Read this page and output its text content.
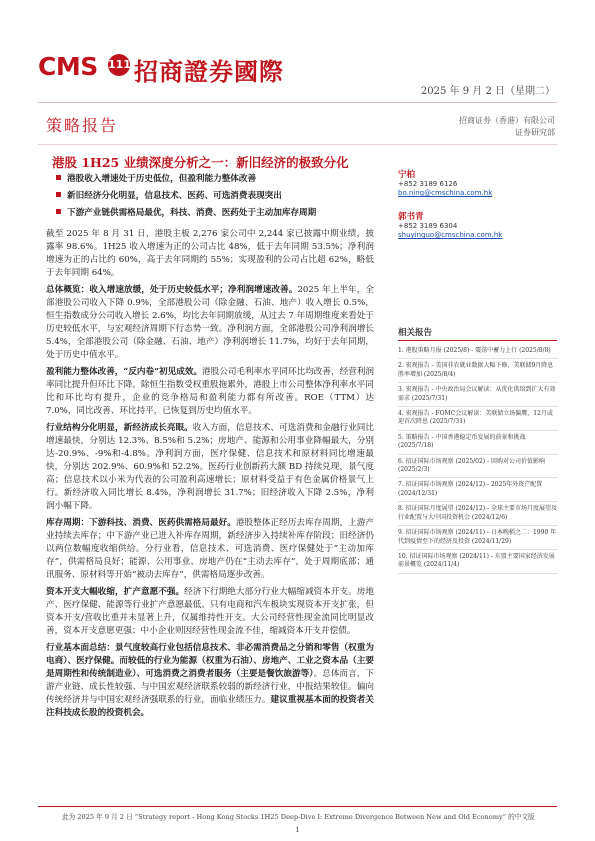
CMS 111 招商證券國際
2025 年 9 月 2 日（星期二）
策略报告	招商证券（香港）有限公司
证券研究部
港股 1H25 业绩深度分析之一：新旧经济的极致分化
港股收入增速处于历史低位，但盈利能力整体改善
新旧经济分化明显，信息技术、医药、可选消费表现突出
下游产业链供需格局最优，科技、消费、医药处于主动加库存周期
宁柏
+852 3189 6126
bo.ning@cmschina.com.hk
郭书青
+852 3189 6304
shuyinguo@cmschina.com.hk

截至 2025 年 8 月 31 日，港股主板 2,276 家公司中 2,244 家已披露中期业绩，披露率 98.6%。1H25 收入增速为正的公司占比 48%，低于去年同期 53.5%；净利润增速为正的占比约 60%，高于去年同期约 55%；实现盈利的公司占比超 62%，略低于去年同期 64%。

总体概览：收入增速放缓，处于历史较低水平；净利润增速改善。2025 年上半年，全部港股公司收入下降 0.9%，全部港股公司（除金融、石油、地产）收入增长 0.5%，恒生指数成分公司收入增长 2.6%，均比去年同期放缓，从过去 7 年周期维度来看处于历史较低水平，与宏观经济周期下行态势一致。净利润方面，全部港股公司净利润增长 5.4%，全部港股公司（除金融、石油、地产）净利润增长 11.7%，均好于去年同期，处于历史中值水平。

盈利能力整体改善，“反内卷”初见成效。港股公司毛利率水平同环比均改善，经营利润率同比提升但环比下降。除恒生指数受权重股拖累外，港股上市公司整体净利率水平同比和环比均有提升，企业的竞争格局和盈利能力都有所改善。ROE（TTM）达 7.0%，同比改善、环比持平，已恢复到历史均值水平。

行业结构分化明显，新经济成长亮眼。收入方面，信息技术、可选消费和金融行业同比增速最快，分别达 12.3%、8.5%和 5.2%；房地产、能源和公用事业降幅最大，分别达-20.9%、-9%和-4.8%。净利润方面，医疗保健、信息技术和原材料同比增速最快，分别达 202.9%、60.9%和 52.2%。医药行业创新药大额 BD 持续兑现，景气度高；信息技术以小米为代表的公司盈利高速增长；原材料受益于有色金属价格景气上行。新经济收入同比增长 8.4%，净利润增长 31.7%；旧经济收入下降 2.5%，净利润小幅下降。

库存周期：下游科技、消费、医药供需格局最好。港股整体正经历去库存周期，上游产业持续去库存；中下游产业已进入补库存周期，新经济步入持续补库存阶段；旧经济仍以两位数幅度收缩供给。分行业看，信息技术、可选消费、医疗保健处于“主动加库存”，供需格局良好；能源、公用事业、房地产仍在“主动去库存”，处于周期底部；通讯服务、原材料等开始“被动去库存”，供需格局逐步改善。

资本开支大幅收缩，扩产意愿不强。经济下行期绝大部分行业大幅缩减资本开支。房地产、医疗保健、能源等行业扩产意愿最低。只有电商和汽车板块实现资本开支扩张，但资本开支/营收比重并未显著上升，仅属维持性开支。大公司经营性现金流同比明显改善，资本开支意愿更强；中小企业则因经营性现金流不佳，缩减资本开支并偿债。

行业基本面总结：景气度较高行业包括信息技术、非必需消费品之分销和零售（权重为电商）、医疗保健。而较低的行业为能源（权重为石油）、房地产、工业之资本品（主要是周期性和传统制造业）、可选消费之消费者服务（主要是餐饮旅游等）。总体而言，下游产业链、成长性较强、与中国宏观经济联系较弱的新经济行业，中报结果较佳。偏向传统经济并与中国宏观经济强联系的行业，面临业绩压力。建议重视基本面的投资者关注科技成长股的投资机会。

相关报告
1. 港股策略月报 (2025/8) - 震荡中蓄力上行 (2025/8/8)
2. 宏观报告 - 美国非农就业数据大幅下修，美联储9月降息胜率增加 (2025/8/4)
3. 宏观报告 - 中央政治局会议解读：从优化供给到扩大有效需求 (2025/7/31)
4. 宏观报告 - FOMC会议解读：美联储立场偏鹰，12月或迎首次降息 (2025/7/31)
5. 策略报告 - 中国香港稳定币发展的前景和挑战 (2025/7/18)
6. 招证国际市场观察 (2025/02) - 回购对公司价值影响 (2025/2/3)
7. 招证国际市场观察 (2024/12) - 2025年外资产配置 (2024/12/31)
8. 招证国际月度展望 (2024/12) - 全球主要市场月度展望及行业配置与大中国投资机会 (2024/12/6)
9. 招证国际市场观察 (2024/11) - 日本晚稻之二：1990 年代到疫情至下的经济及投资 (2024/11/29)
10. 招证国际市场观察 (2024/11) - 东盟主要国家经济发展前景概览 (2024/11/4)
此为 2025 年 9 月 2 日 “Strategy report - Hong Kong Stocks 1H25 Deep-Dive I: Extreme Divergence Between New and Old Economy” 的中文版
1
